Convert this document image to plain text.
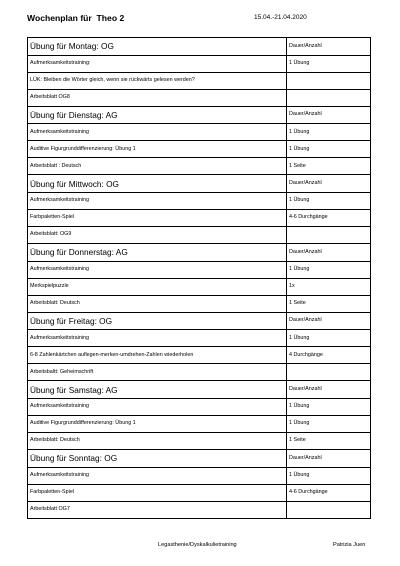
Wochenplan für  Theo 2	15.04.-21.04.2020
Übung für Montag: OG	Dauer/Anzahl
Aufmerksamkeitstraining:	1 Übung
LÜK: Bleiben die Wörter gleich, wenn sie rückwärts gelesen werden?	
Arbeitsblatt OG8	
Übung für Dienstag: AG	Dauer/Anzahl
Aufmerksamkeitstraining	1 Übung
Auditive Figurgrunddifferenzierung: Übung 1	1 Übung
Arbeitsblatt : Deutsch	1 Seite
Übung für Mittwoch: OG	Dauer/Anzahl
Aufmerksamkeitstraining	1 Übung
Farbpaletten-Spiel	4-6 Durchgänge
Arbeitsblatt: OG9	
Übung für Donnerstag: AG	Dauer/Anzahl
Aufmerksamkeitstraining	1 Übung
Merkspielpuzzle	1x
Arbeitsblatt: Deutsch	1 Seite
Übung für Freitag: OG	Dauer/Anzahl
Aufmerksamkeitstraining	1 Übung
6-8 Zahlenkärtchen auflegen-merken-umdrehen-Zahlen wiederholen	4 Durchgänge
Arbeitsbaltt: Geheimschrift	
Übung für Samstag: AG	Dauer/Anzahl
Aufmerksamkeitstraining	1 Übung
Auditive Figurgrunddifferenzierung: Übung 1	1 Übung
Arbeitsblatt: Deutsch	1 Seite
Übung für Sonntag: OG	Dauer/Anzahl
Aufmerksamkeitstraining	1 Übung
Farbpaletten-Spiel	4-6 Durchgänge
Arbeitsblatt OG7	
Legasthenie/Dyskalkulietraining	Patrizia Juen
